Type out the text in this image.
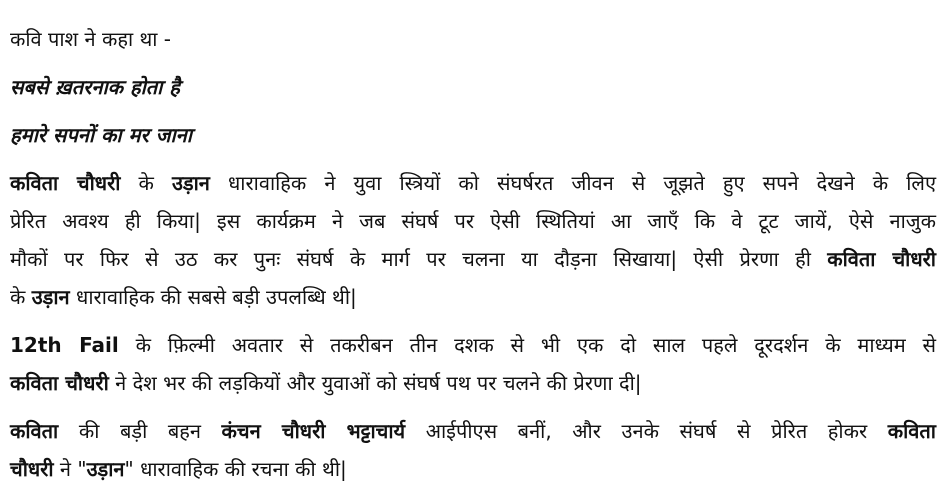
कवि पाश ने कहा था -

सबसे ख़तरनाक होता है

हमारे सपनों का मर जाना

कविता चौधरी के उड़ान धारावाहिक ने युवा स्त्रियों को संघर्षरत जीवन से जूझते हुए सपने देखने के लिए

प्रेरित अवश्य ही किया| इस कार्यक्रम ने जब संघर्ष पर ऐसी स्थितियां आ जाएँ कि वे टूट जायें, ऐसे नाजुक

मौकों पर फिर से उठ कर पुनः संघर्ष के मार्ग पर चलना या दौड़ना सिखाया| ऐसी प्रेरणा ही कविता चौधरी

के उड़ान धारावाहिक की सबसे बड़ी उपलब्धि थी|

12th Fail के फ़िल्मी अवतार से तकरीबन तीन दशक से भी एक दो साल पहले दूरदर्शन के माध्यम से

कविता चौधरी ने देश भर की लड़कियों और युवाओं को संघर्ष पथ पर चलने की प्रेरणा दी|

कविता की बड़ी बहन कंचन चौधरी भट्टाचार्य आईपीएस बनीं, और उनके संघर्ष से प्रेरित होकर कविता

चौधरी ने "उड़ान" धारावाहिक की रचना की थी|
